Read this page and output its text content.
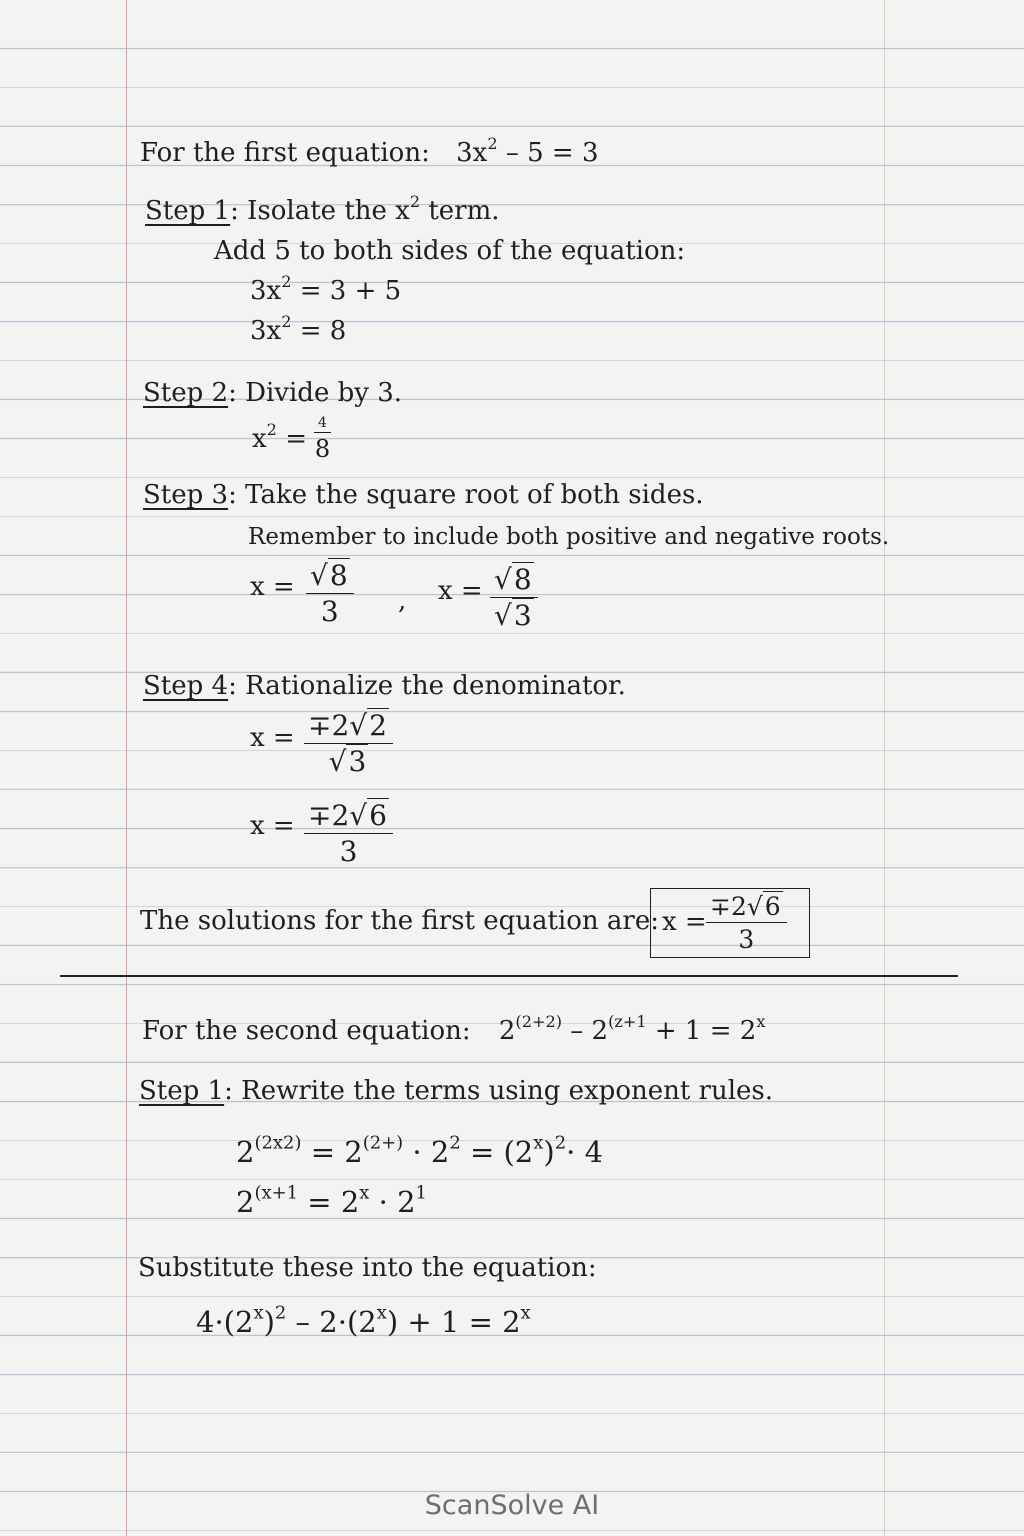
For the first equation: $3x^2 - 5 = 3$
Step 1: Isolate the $x^2$ term.
Add 5 to both sides of the equation:
$3x^2 = 3 + 5$
$3x^2 = 8$
Step 2: Divide by 3.
$x^2$ =
4
8
Step 3: Take the square root of both sides.
Remember to include both positive and negative roots.
$x = \frac{√8}{3}$ , $x = \frac{√8}{√3}$
Step 4: Rationalize the denominator.
$x = \frac{\mp 2√2}{√3}$
$x = \frac{\mp 2√6}{3}$
The solutions for the first equation are: $x = \frac{\mp 2√6}{3}$
For the second equation: $2^{(2+2)} - 2^{(z+1} + 1 = 2^x$
Step 1: Rewrite the terms using exponent rules.
$2^{(2x2)} = 2^{(2+)} \cdot 2^2 = (2^x)^2\cdot 4$
$2^{(x+1} = 2^x \cdot 2^1$
Substitute these into the equation:
$4\cdot(2^x)^2 - 2\cdot(2^x) + 1 = 2^x$
ScanSolve AI
